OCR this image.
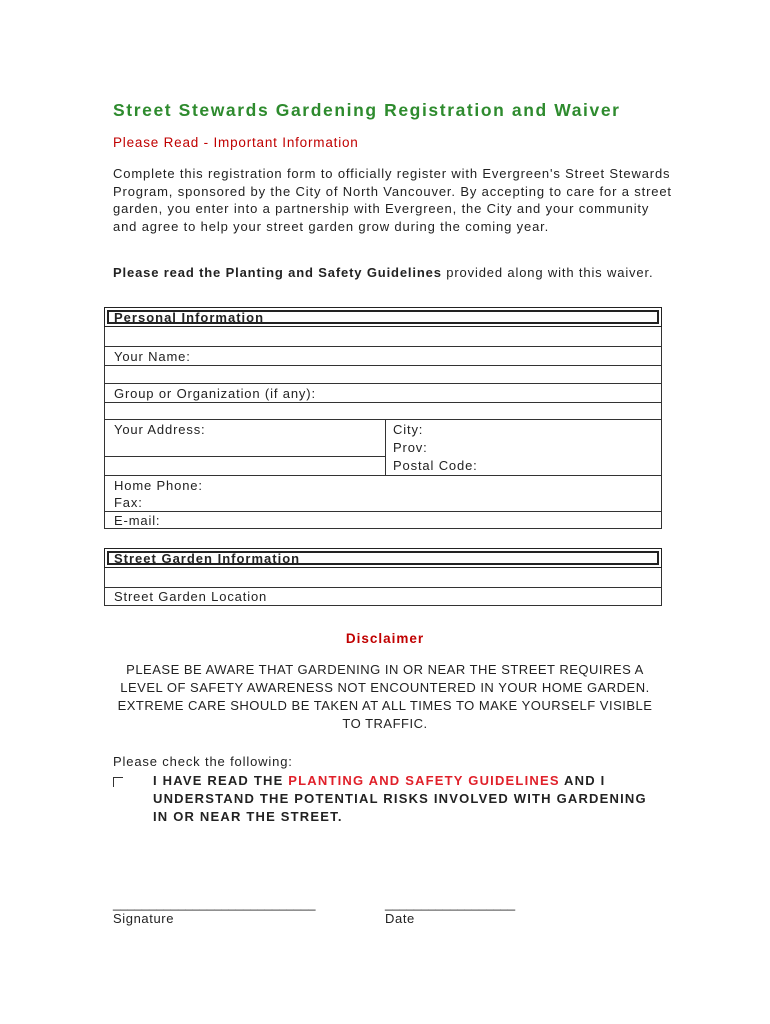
Street Stewards Gardening Registration and Waiver
Please Read - Important Information
Complete this registration form to officially register with Evergreen's Street Stewards Program, sponsored by the City of North Vancouver. By accepting to care for a street garden, you enter into a partnership with Evergreen, the City and your community and agree to help your street garden grow during the coming year.
Please read the Planting and Safety Guidelines provided along with this waiver.
Personal Information
Your Name:
Group or Organization (if any):
Your Address:	City:
Prov:
Postal Code:
Home Phone:
Fax:
E-mail:
Street Garden Information
Street Garden Location
Disclaimer
PLEASE BE AWARE THAT GARDENING IN OR NEAR THE STREET REQUIRES A LEVEL OF SAFETY AWARENESS NOT ENCOUNTERED IN YOUR HOME GARDEN. EXTREME CARE SHOULD BE TAKEN AT ALL TIMES TO MAKE YOURSELF VISIBLE TO TRAFFIC.
Please check the following:
I HAVE READ THE PLANTING AND SAFETY GUIDELINES AND I UNDERSTAND THE POTENTIAL RISKS INVOLVED WITH GARDENING IN OR NEAR THE STREET.
____________________________
Signature
__________________
Date
